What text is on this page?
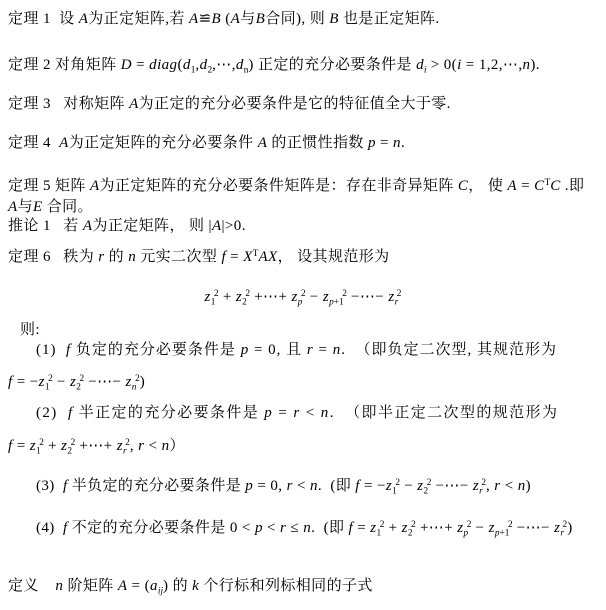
定理 1  设 A为正定矩阵,若 A≌B (A与B合同), 则 B 也是正定矩阵.
定理 2 对角矩阵 $D = diag(d_1,d_2,\cdots,d_n)$ 正定的充分必要条件是 $d_i > 0(i$ = 1,2,⋯,n).
定理 3   对称矩阵 A为正定的充分必要条件是它的特征值全大于零.
定理 4  A为正定矩阵的充分必要条件 A 的正惯性指数 p = n.
定理 5 矩阵 A为正定矩阵的充分必要条件矩阵是：存在非奇异矩阵 C， 使 $A = C^TC$ .即
A与E 合同。
推论 1   若 A为正定矩阵， 则 |A|>0.
定理 6   秩为 r 的 n 元实二次型 $f = X^TAX$， 设其规范形为
$z_1^2 + z_2^2$ +⋯+ $z_p^2 - z_{p+1}^2$ −⋯− $z_r^2$
则:
(1)  f 负定的充分必要条件是 p = 0, 且 r = n.  （即负定二次型, 其规范形为
$f = -z_1^2 - z_2^2$ −⋯− $z_n^2$)
(2)  f 半正定的充分必要条件是 p = r < n.  （即半正定二次型的规范形为
$f = z_1^2 + z_2^2$ +⋯+ $z_r^2$, r < n）
(3)  f 半负定的充分必要条件是 p = 0, r < n.  (即 $f = -z_1^2 - z_2^2$ −⋯− $z_r^2$, r < n)
(4)  f 不定的充分必要条件是 0 < p < r ≤ n.  (即 $f = z_1^2 + z_2^2$ +⋯+ $z_p^2 - z_{p+1}^2$ −⋯− $z_r^2$)
定义    n 阶矩阵 $A = (a_{ij})$ 的 k 个行标和列标相同的子式
